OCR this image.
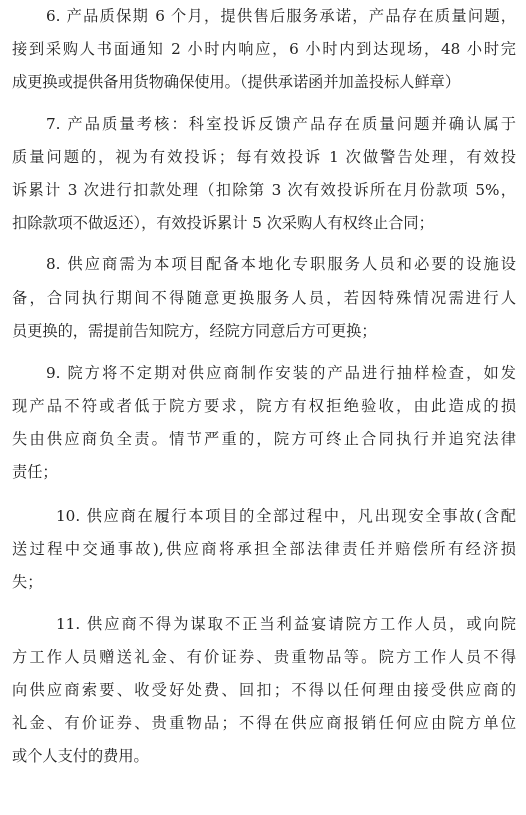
6. 产品质保期 6 个月，提供售后服务承诺，产品存在质量问题，
接到采购人书面通知 2 小时内响应，6 小时内到达现场，48 小时完
成更换或提供备用货物确保使用。（提供承诺函并加盖投标人鲜章）
7. 产品质量考核：科室投诉反馈产品存在质量问题并确认属于
质量问题的，视为有效投诉；每有效投诉 1 次做警告处理，有效投
诉累计 3 次进行扣款处理（扣除第 3 次有效投诉所在月份款项 5%，
扣除款项不做返还），有效投诉累计 5 次采购人有权终止合同；
8. 供应商需为本项目配备本地化专职服务人员和必要的设施设
备，合同执行期间不得随意更换服务人员，若因特殊情况需进行人
员更换的，需提前告知院方，经院方同意后方可更换；
9. 院方将不定期对供应商制作安装的产品进行抽样检查，如发
现产品不符或者低于院方要求，院方有权拒绝验收，由此造成的损
失由供应商负全责。情节严重的，院方可终止合同执行并追究法律
责任；
10. 供应商在履行本项目的全部过程中，凡出现安全事故(含配
送过程中交通事故),供应商将承担全部法律责任并赔偿所有经济损
失；
11. 供应商不得为谋取不正当利益宴请院方工作人员，或向院
方工作人员赠送礼金、有价证券、贵重物品等。院方工作人员不得
向供应商索要、收受好处费、回扣；不得以任何理由接受供应商的
礼金、有价证券、贵重物品；不得在供应商报销任何应由院方单位
或个人支付的费用。
